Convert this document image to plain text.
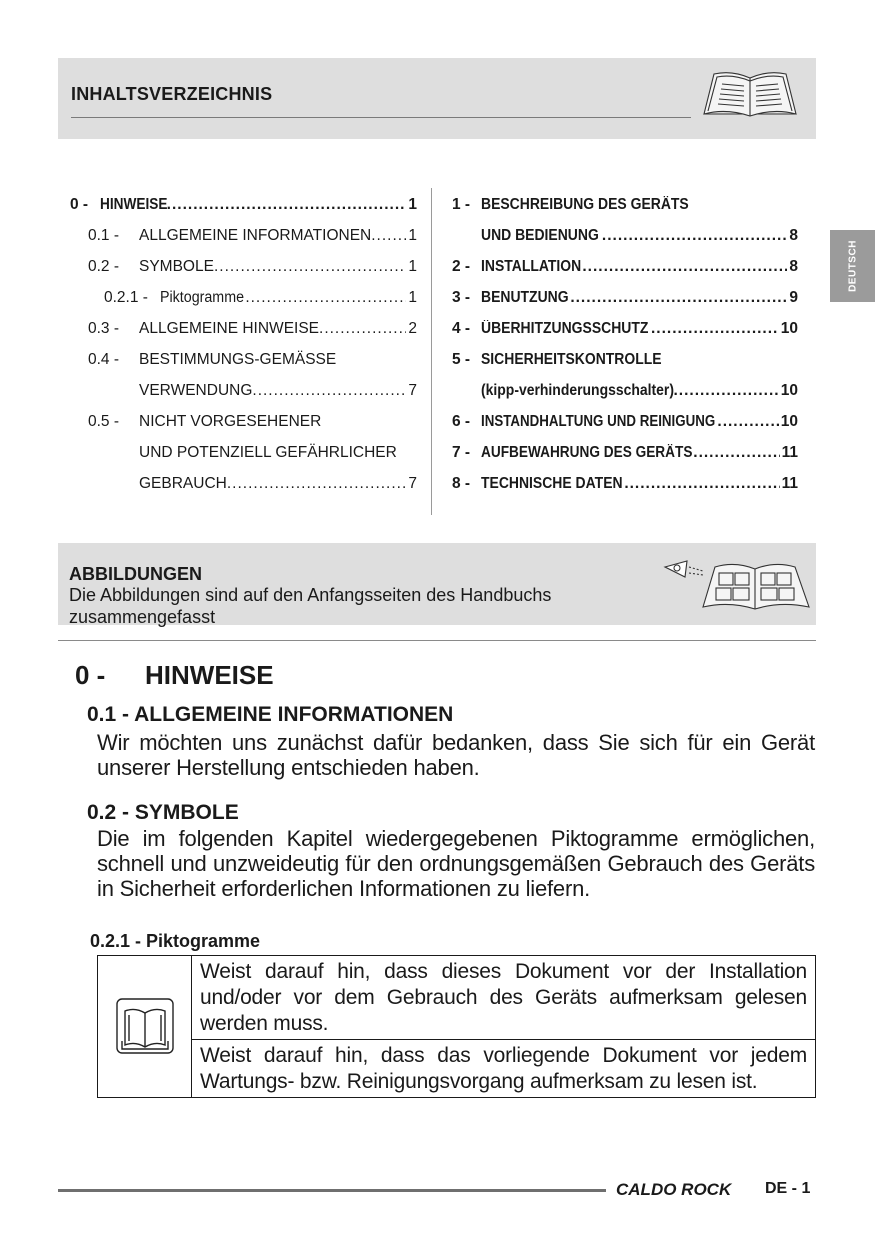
INHALTSVERZEICHNIS
DEUTSCH
0 - HINWEISE .....	1
0.1 -	ALLGEMEINE INFORMATIONEN ..... 1
0.2 -	SYMBOLE .....	1
0.2.1 - Piktogramme .....	1
0.3 -	ALLGEMEINE HINWEISE .....	2
0.4 -	BESTIMMUNGS-GEMÄSSE
VERWENDUNG .....	7
0.5 -	NICHT VORGESEHENER
UND POTENZIELL GEFÄHRLICHER
GEBRAUCH .....	7
1 - BESCHREIBUNG DES GERÄTS
UND BEDIENUNG .....	8
2 - INSTALLATION .....	8
3 - BENUTZUNG .....	9
4 - ÜBERHITZUNGSSCHUTZ .....	10
5 - SICHERHEITSKONTROLLE
(kipp-verhinderungsschalter) .....	10
6 - INSTANDHALTUNG UND REINIGUNG .....	10
7 - AUFBEWAHRUNG DES GERÄTS .....	11
8 - TECHNISCHE DATEN .....	11
ABBILDUNGEN
Die Abbildungen sind auf den Anfangsseiten des Handbuchs zusammengefasst
0 - HINWEISE
0.1 - ALLGEMEINE INFORMATIONEN
Wir möchten uns zunächst dafür bedanken, dass Sie sich für ein Gerät unserer Herstellung entschieden haben.
0.2 - SYMBOLE
Die im folgenden Kapitel wiedergegebenen Piktogramme ermöglichen, schnell und unzweideutig für den ordnungsgemäßen Gebrauch des Geräts in Sicherheit erforderlichen Informationen zu liefern.
0.2.1 - Piktogramme
Weist darauf hin, dass dieses Dokument vor der Installation und/oder vor dem Gebrauch des Geräts aufmerksam gelesen werden muss.
Weist darauf hin, dass das vorliegende Dokument vor jedem Wartungs- bzw. Reinigungsvorgang aufmerksam zu lesen ist.
CALDO ROCK DE - 1
